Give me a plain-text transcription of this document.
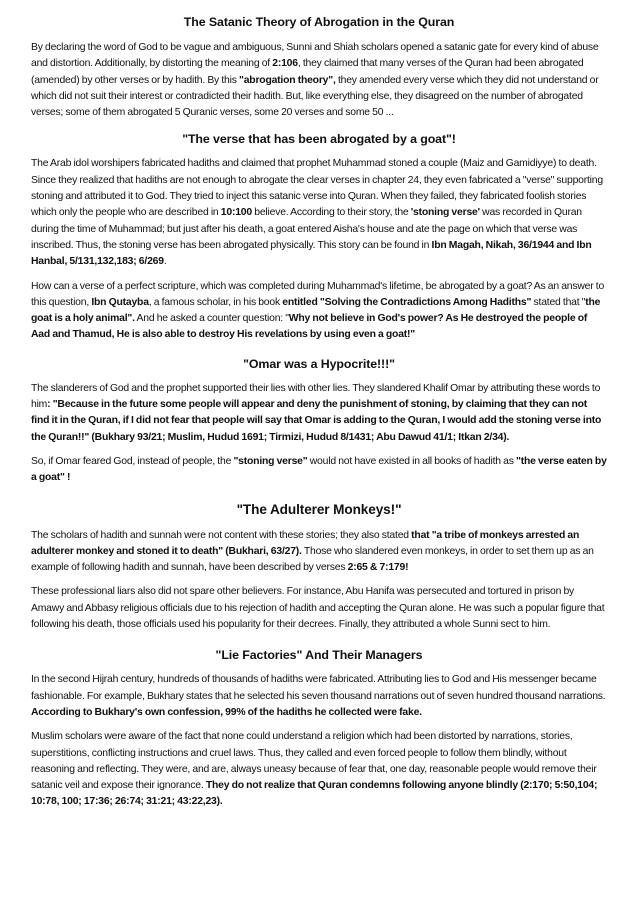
The Satanic Theory of Abrogation in the Quran

By declaring the word of God to be vague and ambiguous, Sunni and Shiah scholars opened a satanic gate for every kind of abuse and distortion. Additionally, by distorting the meaning of 2:106, they claimed that many verses of the Quran had been abrogated (amended) by other verses or by hadith. By this "abrogation theory", they amended every verse which they did not understand or which did not suit their interest or contradicted their hadith. But, like everything else, they disagreed on the number of abrogated verses; some of them abrogated 5 Quranic verses, some 20 verses and some 50 ...

"The verse that has been abrogated by a goat"!

The Arab idol worshipers fabricated hadiths and claimed that prophet Muhammad stoned a couple (Maiz and Gamidiyye) to death. Since they realized that hadiths are not enough to abrogate the clear verses in chapter 24, they even fabricated a "verse" supporting stoning and attributed it to God. They tried to inject this satanic verse into Quran. When they failed, they fabricated foolish stories which only the people who are described in 10:100 believe. According to their story, the 'stoning verse' was recorded in Quran during the time of Muhammad; but just after his death, a goat entered Aisha's house and ate the page on which that verse was inscribed. Thus, the stoning verse has been abrogated physically. This story can be found in Ibn Magah, Nikah, 36/1944 and Ibn Hanbal, 5/131,132,183; 6/269.

How can a verse of a perfect scripture, which was completed during Muhammad's lifetime, be abrogated by a goat? As an answer to this question, Ibn Qutayba, a famous scholar, in his book entitled "Solving the Contradictions Among Hadiths" stated that "the goat is a holy animal". And he asked a counter question: "Why not believe in God's power? As He destroyed the people of Aad and Thamud, He is also able to destroy His revelations by using even a goat!"

"Omar was a Hypocrite!!!"

The slanderers of God and the prophet supported their lies with other lies. They slandered Khalif Omar by attributing these words to him: "Because in the future some people will appear and deny the punishment of stoning, by claiming that they can not find it in the Quran, if I did not fear that people will say that Omar is adding to the Quran, I would add the stoning verse into the Quran!!" (Bukhary 93/21; Muslim, Hudud 1691; Tirmizi, Hudud 8/1431; Abu Dawud 41/1; Itkan 2/34).

So, if Omar feared God, instead of people, the "stoning verse" would not have existed in all books of hadith as "the verse eaten by a goat" !

"The Adulterer Monkeys!"

The scholars of hadith and sunnah were not content with these stories; they also stated that "a tribe of monkeys arrested an adulterer monkey and stoned it to death" (Bukhari, 63/27). Those who slandered even monkeys, in order to set them up as an example of following hadith and sunnah, have been described by verses 2:65 & 7:179!

These professional liars also did not spare other believers. For instance, Abu Hanifa was persecuted and tortured in prison by Amawy and Abbasy religious officials due to his rejection of hadith and accepting the Quran alone. He was such a popular figure that following his death, those officials used his popularity for their decrees. Finally, they attributed a whole Sunni sect to him.

"Lie Factories" And Their Managers

In the second Hijrah century, hundreds of thousands of hadiths were fabricated. Attributing lies to God and His messenger became fashionable. For example, Bukhary states that he selected his seven thousand narrations out of seven hundred thousand narrations. According to Bukhary's own confession, 99% of the hadiths he collected were fake.

Muslim scholars were aware of the fact that none could understand a religion which had been distorted by narrations, stories, superstitions, conflicting instructions and cruel laws. Thus, they called and even forced people to follow them blindly, without reasoning and reflecting. They were, and are, always uneasy because of fear that, one day, reasonable people would remove their satanic veil and expose their ignorance. They do not realize that Quran condemns following anyone blindly (2:170; 5:50,104; 10:78, 100; 17:36; 26:74; 31:21; 43:22,23).
